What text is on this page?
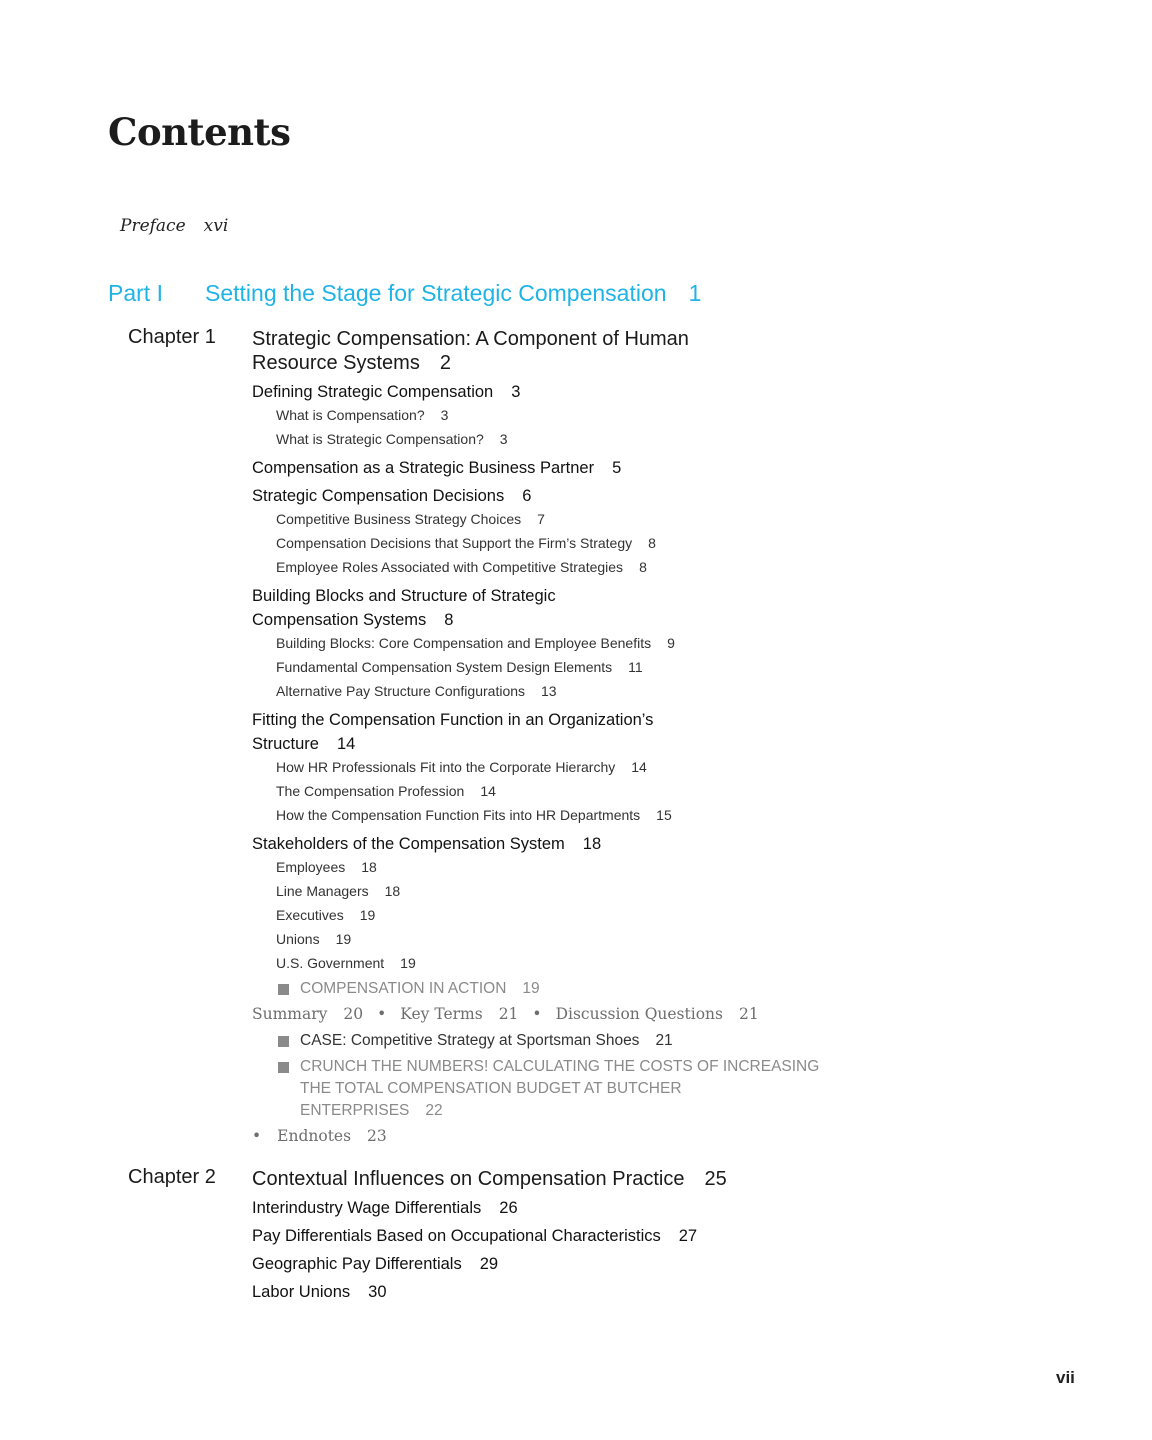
Contents
Preface xvi
Part I Setting the Stage for Strategic Compensation 1
Chapter 1 Strategic Compensation: A Component of Human
Resource Systems 2
Defining Strategic Compensation 3
What is Compensation? 3
What is Strategic Compensation? 3
Compensation as a Strategic Business Partner 5
Strategic Compensation Decisions 6
Competitive Business Strategy Choices 7
Compensation Decisions that Support the Firm’s Strategy 8
Employee Roles Associated with Competitive Strategies 8
Building Blocks and Structure of Strategic
Compensation Systems 8
Building Blocks: Core Compensation and Employee Benefits 9
Fundamental Compensation System Design Elements 11
Alternative Pay Structure Configurations 13
Fitting the Compensation Function in an Organization’s
Structure 14
How HR Professionals Fit into the Corporate Hierarchy 14
The Compensation Profession 14
How the Compensation Function Fits into HR Departments 15
Stakeholders of the Compensation System 18
Employees 18
Line Managers 18
Executives 19
Unions 19
U.S. Government 19
COMPENSATION IN ACTION 19
Summary 20 • Key Terms 21 • Discussion Questions 21
CASE: Competitive Strategy at Sportsman Shoes 21
CRUNCH THE NUMBERS! CALCULATING THE COSTS OF INCREASING
THE TOTAL COMPENSATION BUDGET AT BUTCHER
ENTERPRISES 22
• Endnotes 23
Chapter 2 Contextual Influences on Compensation Practice 25
Interindustry Wage Differentials 26
Pay Differentials Based on Occupational Characteristics 27
Geographic Pay Differentials 29
Labor Unions 30
vii
